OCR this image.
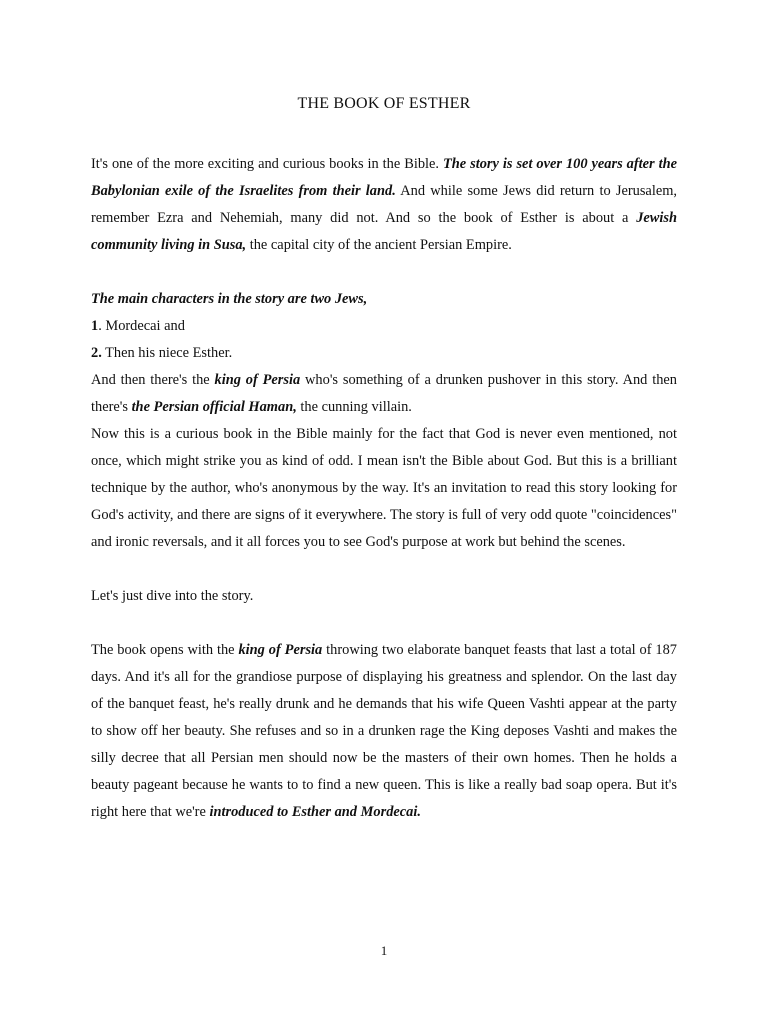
THE BOOK OF ESTHER

It's one of the more exciting and curious books in the Bible. The story is set over 100 years after the Babylonian exile of the Israelites from their land. And while some Jews did return to Jerusalem, remember Ezra and Nehemiah, many did not. And so the book of Esther is about a Jewish community living in Susa, the capital city of the ancient Persian Empire.

The main characters in the story are two Jews,

1. Mordecai and

2. Then his niece Esther.

And then there's the king of Persia who's something of a drunken pushover in this story. And then there's the Persian official Haman, the cunning villain.

Now this is a curious book in the Bible mainly for the fact that God is never even mentioned, not once, which might strike you as kind of odd. I mean isn't the Bible about God. But this is a brilliant technique by the author, who's anonymous by the way. It's an invitation to read this story looking for God's activity, and there are signs of it everywhere. The story is full of very odd quote "coincidences" and ironic reversals, and it all forces you to see God's purpose at work but behind the scenes.

Let's just dive into the story.

The book opens with the king of Persia throwing two elaborate banquet feasts that last a total of 187 days. And it's all for the grandiose purpose of displaying his greatness and splendor. On the last day of the banquet feast, he's really drunk and he demands that his wife Queen Vashti appear at the party to show off her beauty. She refuses and so in a drunken rage the King deposes Vashti and makes the silly decree that all Persian men should now be the masters of their own homes. Then he holds a beauty pageant because he wants to to find a new queen. This is like a really bad soap opera. But it's right here that we're introduced to Esther and Mordecai.

1
